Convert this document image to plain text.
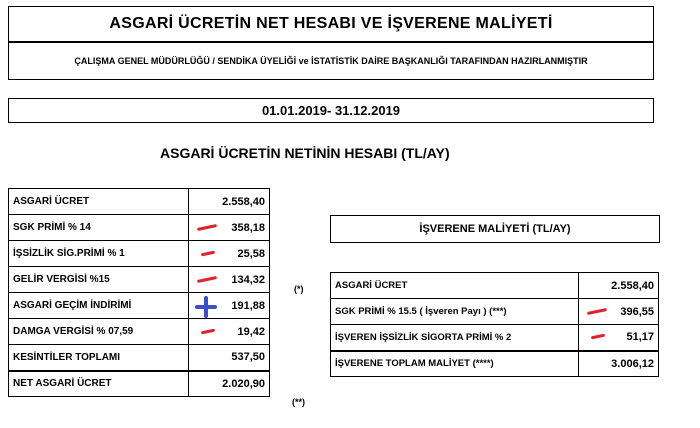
ASGARİ ÜCRETİN NET HESABI VE İŞVERENE MALİYETİ
ÇALIŞMA GENEL MÜDÜRLÜĞÜ / SENDİKA ÜYELİĞİ ve İSTATİSTİK DAİRE BAŞKANLIĞI TARAFINDAN HAZIRLANMIŞTIR
01.01.2019- 31.12.2019
ASGARİ ÜCRETİN NETİNİN HESABI (TL/AY)
ASGARİ ÜCRET	2.558,40
SGK PRİMİ % 14	358,18
İŞSİZLİK SİG.PRİMİ % 1	25,58
GELİR VERGİSİ %15	134,32
ASGARİ GEÇİM İNDİRİMİ	191,88
DAMGA VERGİSİ % 07,59	19,42
KESİNTİLER TOPLAMI	537,50
NET ASGARİ ÜCRET	2.020,90
(*)
(**)
İŞVERENE MALİYETİ (TL/AY)
ASGARİ ÜCRET	2.558,40
SGK PRİMİ % 15.5 ( İşveren Payı ) (***)	396,55
İŞVEREN İŞSİZLİK SİGORTA PRİMİ % 2	51,17
İŞVERENE TOPLAM MALİYET (****)	3.006,12
